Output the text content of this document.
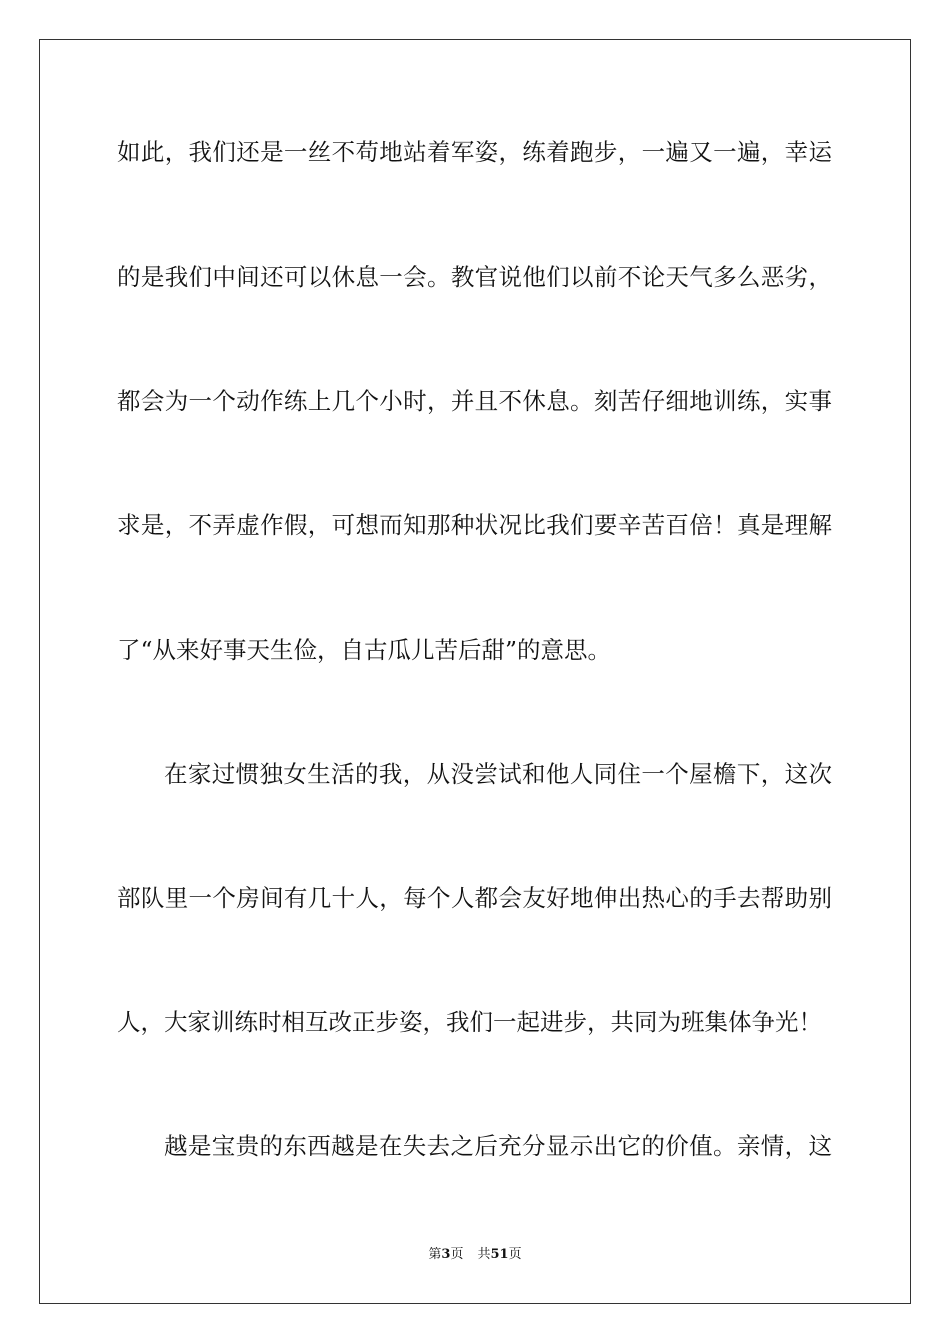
如此，我们还是一丝不苟地站着军姿，练着跑步，一遍又一遍，幸运
的是我们中间还可以休息一会。教官说他们以前不论天气多么恶劣，
都会为一个动作练上几个小时，并且不休息。刻苦仔细地训练，实事
求是，不弄虚作假，可想而知那种状况比我们要辛苦百倍！真是理解
了“从来好事天生俭，自古瓜儿苦后甜”的意思。
在家过惯独女生活的我，从没尝试和他人同住一个屋檐下，这次
部队里一个房间有几十人，每个人都会友好地伸出热心的手去帮助别
人，大家训练时相互改正步姿，我们一起进步，共同为班集体争光！
越是宝贵的东西越是在失去之后充分显示出它的价值。亲情，这
第3页 共51页
